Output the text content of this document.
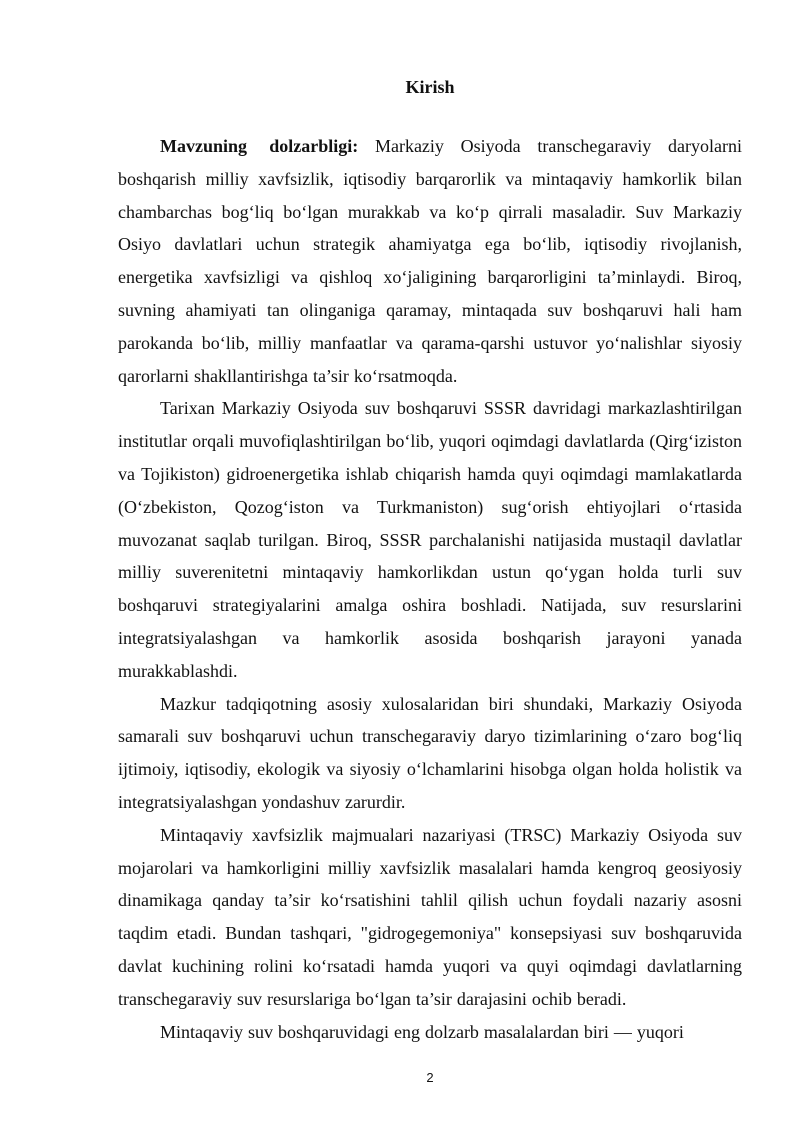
Kirish

Mavzuning dolzarbligi: Markaziy Osiyoda transchegaraviy daryolarni boshqarish milliy xavfsizlik, iqtisodiy barqarorlik va mintaqaviy hamkorlik bilan chambarchas bog‘liq bo‘lgan murakkab va ko‘p qirrali masaladir. Suv Markaziy Osiyo davlatlari uchun strategik ahamiyatga ega bo‘lib, iqtisodiy rivojlanish, energetika xavfsizligi va qishloq xo‘jaligining barqarorligini ta’minlaydi. Biroq, suvning ahamiyati tan olinganiga qaramay, mintaqada suv boshqaruvi hali ham parokanda bo‘lib, milliy manfaatlar va qarama-qarshi ustuvor yo‘nalishlar siyosiy qarorlarni shakllantirishga ta’sir ko‘rsatmoqda.

Tarixan Markaziy Osiyoda suv boshqaruvi SSSR davridagi markazlashtirilgan institutlar orqali muvofiqlashtirilgan bo‘lib, yuqori oqimdagi davlatlarda (Qirg‘iziston va Tojikiston) gidroenergetika ishlab chiqarish hamda quyi oqimdagi mamlakatlarda (O‘zbekiston, Qozog‘iston va Turkmaniston) sug‘orish ehtiyojlari o‘rtasida muvozanat saqlab turilgan. Biroq, SSSR parchalanishi natijasida mustaqil davlatlar milliy suverenitetni mintaqaviy hamkorlikdan ustun qo‘ygan holda turli suv boshqaruvi strategiyalarini amalga oshira boshladi. Natijada, suv resurslarini integratsiyalashgan va hamkorlik asosida boshqarish jarayoni yanada murakkablashdi.

Mazkur tadqiqotning asosiy xulosalaridan biri shundaki, Markaziy Osiyoda samarali suv boshqaruvi uchun transchegaraviy daryo tizimlarining o‘zaro bog‘liq ijtimoiy, iqtisodiy, ekologik va siyosiy o‘lchamlarini hisobga olgan holda holistik va integratsiyalashgan yondashuv zarurdir.

Mintaqaviy xavfsizlik majmualari nazariyasi (TRSC) Markaziy Osiyoda suv mojarolari va hamkorligini milliy xavfsizlik masalalari hamda kengroq geosiyosiy dinamikaga qanday ta’sir ko‘rsatishini tahlil qilish uchun foydali nazariy asosni taqdim etadi. Bundan tashqari, "gidrogegemoniya" konsepsiyasi suv boshqaruvida davlat kuchining rolini ko‘rsatadi hamda yuqori va quyi oqimdagi davlatlarning transchegaraviy suv resurslariga bo‘lgan ta’sir darajasini ochib beradi.

Mintaqaviy suv boshqaruvidagi eng dolzarb masalalardan biri — yuqori

2
